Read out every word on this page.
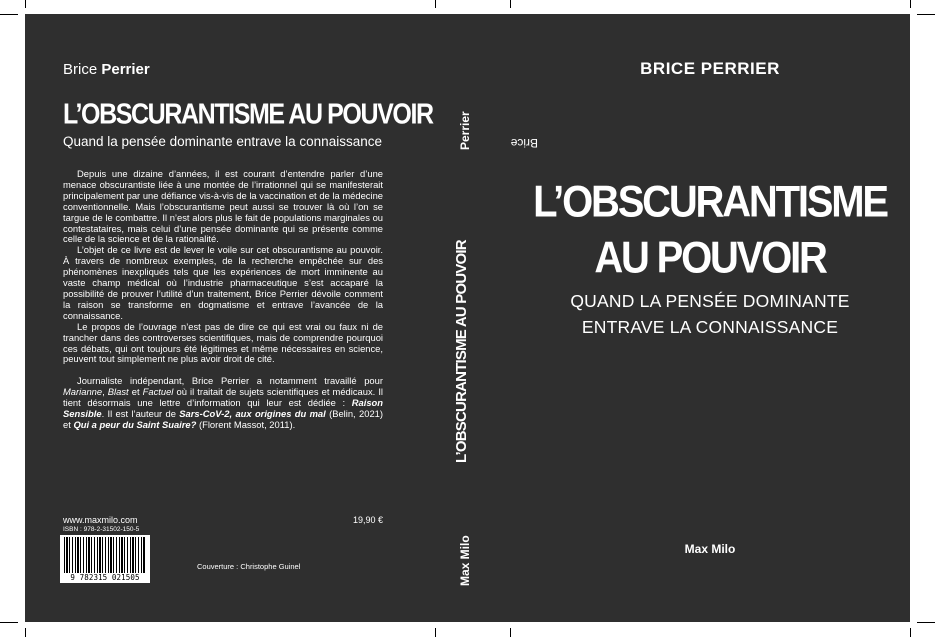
Brice Perrier
L’OBSCURANTISME AU POUVOIR
Quand la pensée dominante entrave la connaissance

Depuis une dizaine d’années, il est courant d’entendre parler d’une menace obscurantiste liée à une montée de l’irrationnel qui se manifesterait principalement par une défiance vis-à-vis de la vaccination et de la médecine conventionnelle. Mais l’obscurantisme peut aussi se trouver là où l’on se targue de le combattre. Il n’est alors plus le fait de populations marginales ou contestataires, mais celui d’une pensée dominante qui se présente comme celle de la science et de la rationalité.

L’objet de ce livre est de lever le voile sur cet obscurantisme au pouvoir. À travers de nombreux exemples, de la recherche empêchée sur des phénomènes inexpliqués tels que les expériences de mort imminente au vaste champ médical où l’industrie pharmaceutique s’est accaparé la possibilité de prouver l’utilité d’un traitement, Brice Perrier dévoile comment la raison se transforme en dogmatisme et entrave l’avancée de la connaissance.

Le propos de l’ouvrage n’est pas de dire ce qui est vrai ou faux ni de trancher dans des controverses scientifiques, mais de comprendre pourquoi ces débats, qui ont toujours été légitimes et même nécessaires en science, peuvent tout simplement ne plus avoir droit de cité.

Journaliste indépendant, Brice Perrier a notamment travaillé pour Marianne, Blast et Factuel où il traitait de sujets scientifiques et médicaux. Il tient désormais une lettre d’information qui leur est dédiée : Raison Sensible. Il est l’auteur de Sars-CoV-2, aux origines du mal (Belin, 2021) et Qui a peur du Saint Suaire? (Florent Massot, 2011).

www.maxmilo.com
ISBN : 978-2-31502-150-5
19,90 €
9 782315 021505
Couverture : Christophe Guinel
Brice
Perrier
L’OBSCURANTISME AU POUVOIR
Max Milo
BRICE PERRIER
L’OBSCURANTISME
AU POUVOIR
QUAND LA PENSÉE DOMINANTE
ENTRAVE LA CONNAISSANCE
Max Milo
